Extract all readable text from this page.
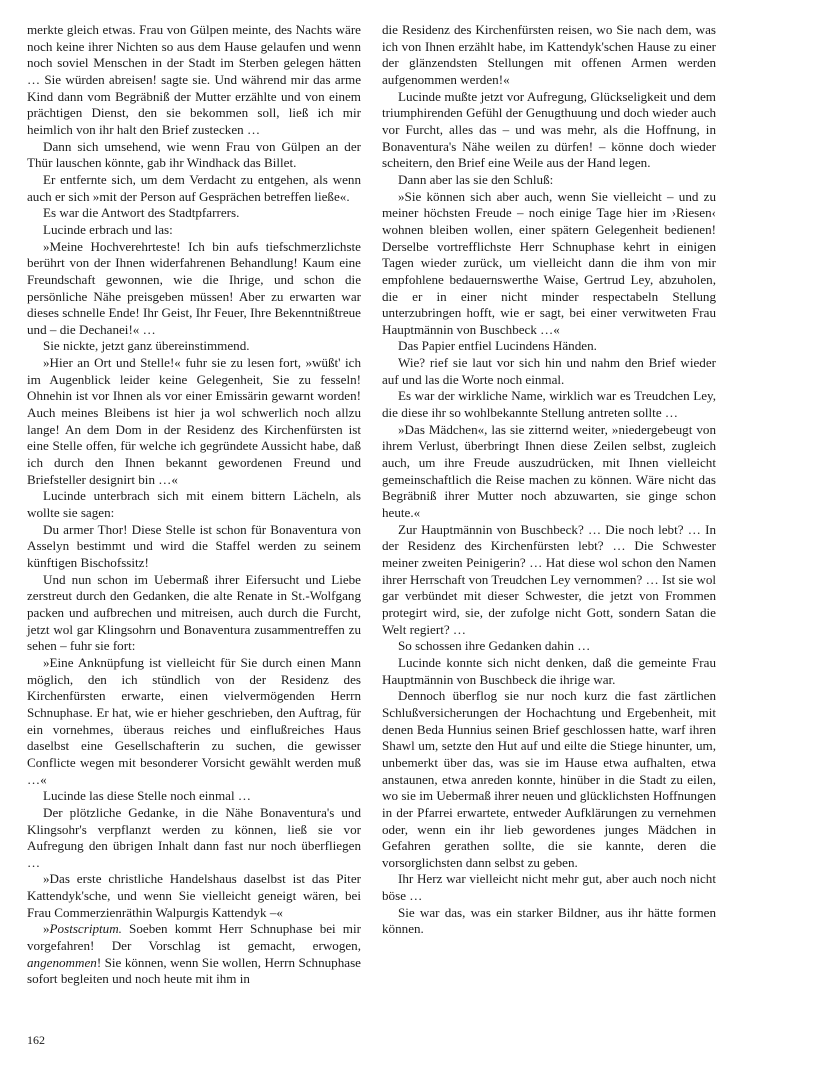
merkte gleich etwas. Frau von Gülpen meinte, des Nachts wäre noch keine ihrer Nichten so aus dem Hause gelaufen und wenn noch soviel Menschen in der Stadt im Sterben gelegen hätten … Sie würden abreisen! sagte sie. Und während mir das arme Kind dann vom Begräbniß der Mutter erzählte und von einem prächtigen Dienst, den sie bekommen soll, ließ ich mir heimlich von ihr halt den Brief zustecken …

Dann sich umsehend, wie wenn Frau von Gülpen an der Thür lauschen könnte, gab ihr Windhack das Billet.

Er entfernte sich, um dem Verdacht zu entgehen, als wenn auch er sich »mit der Person auf Gesprächen betreffen ließe«.

Es war die Antwort des Stadtpfarrers.

Lucinde erbrach und las:

»Meine Hochverehrteste! Ich bin aufs tiefschmerzlichste berührt von der Ihnen widerfahrenen Behandlung! Kaum eine Freundschaft gewonnen, wie die Ihrige, und schon die persönliche Nähe preisgeben müssen! Aber zu erwarten war dieses schnelle Ende! Ihr Geist, Ihr Feuer, Ihre Bekenntnißtreue und – die Dechanei!« …

Sie nickte, jetzt ganz übereinstimmend.

»Hier an Ort und Stelle!« fuhr sie zu lesen fort, »wüßt' ich im Augenblick leider keine Gelegenheit, Sie zu fesseln! Ohnehin ist vor Ihnen als vor einer Emissärin gewarnt worden! Auch meines Bleibens ist hier ja wol schwerlich noch allzu lange! An dem Dom in der Residenz des Kirchenfürsten ist eine Stelle offen, für welche ich gegründete Aussicht habe, daß ich durch den Ihnen bekannt gewordenen Freund und Briefsteller designirt bin …«

Lucinde unterbrach sich mit einem bittern Lächeln, als wollte sie sagen:

Du armer Thor! Diese Stelle ist schon für Bonaventura von Asselyn bestimmt und wird die Staffel werden zu seinem künftigen Bischofssitz!

Und nun schon im Uebermaß ihrer Eifersucht und Liebe zerstreut durch den Gedanken, die alte Renate in St.-Wolfgang packen und aufbrechen und mitreisen, auch durch die Furcht, jetzt wol gar Klingsohrn und Bonaventura zusammentreffen zu sehen – fuhr sie fort:

»Eine Anknüpfung ist vielleicht für Sie durch einen Mann möglich, den ich stündlich von der Residenz des Kirchenfürsten erwarte, einen vielvermögenden Herrn Schnuphase. Er hat, wie er hieher geschrieben, den Auftrag, für ein vornehmes, überaus reiches und einflußreiches Haus daselbst eine Gesellschafterin zu suchen, die gewisser Conflicte wegen mit besonderer Vorsicht gewählt werden muß …«

Lucinde las diese Stelle noch einmal …

Der plötzliche Gedanke, in die Nähe Bonaventura's und Klingsohr's verpflanzt werden zu können, ließ sie vor Aufregung den übrigen Inhalt dann fast nur noch überfliegen …

»Das erste christliche Handelshaus daselbst ist das Piter Kattendyk'sche, und wenn Sie vielleicht geneigt wären, bei Frau Commerzienräthin Walpurgis Kattendyk –«

»Postscriptum. Soeben kommt Herr Schnuphase bei mir vorgefahren! Der Vorschlag ist gemacht, erwogen, angenommen! Sie können, wenn Sie wollen, Herrn Schnuphase sofort begleiten und noch heute mit ihm in

die Residenz des Kirchenfürsten reisen, wo Sie nach dem, was ich von Ihnen erzählt habe, im Kattendyk'schen Hause zu einer der glänzendsten Stellungen mit offenen Armen werden aufgenommen werden!«

Lucinde mußte jetzt vor Aufregung, Glückseligkeit und dem triumphirenden Gefühl der Genugthuung und doch wieder auch vor Furcht, alles das – und was mehr, als die Hoffnung, in Bonaventura's Nähe weilen zu dürfen! – könne doch wieder scheitern, den Brief eine Weile aus der Hand legen.

Dann aber las sie den Schluß:

»Sie können sich aber auch, wenn Sie vielleicht – und zu meiner höchsten Freude – noch einige Tage hier im ›Riesen‹ wohnen bleiben wollen, einer spätern Gelegenheit bedienen! Derselbe vortrefflichste Herr Schnuphase kehrt in einigen Tagen wieder zurück, um vielleicht dann die ihm von mir empfohlene bedauernswerthe Waise, Gertrud Ley, abzuholen, die er in einer nicht minder respectabeln Stellung unterzubringen hofft, wie er sagt, bei einer verwitweten Frau Hauptmännin von Buschbeck …«

Das Papier entfiel Lucindens Händen.

Wie? rief sie laut vor sich hin und nahm den Brief wieder auf und las die Worte noch einmal.

Es war der wirkliche Name, wirklich war es Treudchen Ley, die diese ihr so wohlbekannte Stellung antreten sollte …

»Das Mädchen«, las sie zitternd weiter, »niedergebeugt von ihrem Verlust, überbringt Ihnen diese Zeilen selbst, zugleich auch, um ihre Freude auszudrücken, mit Ihnen vielleicht gemeinschaftlich die Reise machen zu können. Wäre nicht das Begräbniß ihrer Mutter noch abzuwarten, sie ginge schon heute.«

Zur Hauptmännin von Buschbeck? … Die noch lebt? … In der Residenz des Kirchenfürsten lebt? … Die Schwester meiner zweiten Peinigerin? … Hat diese wol schon den Namen ihrer Herrschaft von Treudchen Ley vernommen? … Ist sie wol gar verbündet mit dieser Schwester, die jetzt von Frommen protegirt wird, sie, der zufolge nicht Gott, sondern Satan die Welt regiert? …

So schossen ihre Gedanken dahin …

Lucinde konnte sich nicht denken, daß die gemeinte Frau Hauptmännin von Buschbeck die ihrige war.

Dennoch überflog sie nur noch kurz die fast zärtlichen Schlußversicherungen der Hochachtung und Ergebenheit, mit denen Beda Hunnius seinen Brief geschlossen hatte, warf ihren Shawl um, setzte den Hut auf und eilte die Stiege hinunter, um, unbemerkt über das, was sie im Hause etwa aufhalten, etwa anstaunen, etwa anreden konnte, hinüber in die Stadt zu eilen, wo sie im Uebermaß ihrer neuen und glücklichsten Hoffnungen in der Pfarrei erwartete, entweder Aufklärungen zu vernehmen oder, wenn ein ihr lieb gewordenes junges Mädchen in Gefahren gerathen sollte, die sie kannte, deren die vorsorglichsten dann selbst zu geben.

Ihr Herz war vielleicht nicht mehr gut, aber auch noch nicht böse …

Sie war das, was ein starker Bildner, aus ihr hätte formen können.

162
